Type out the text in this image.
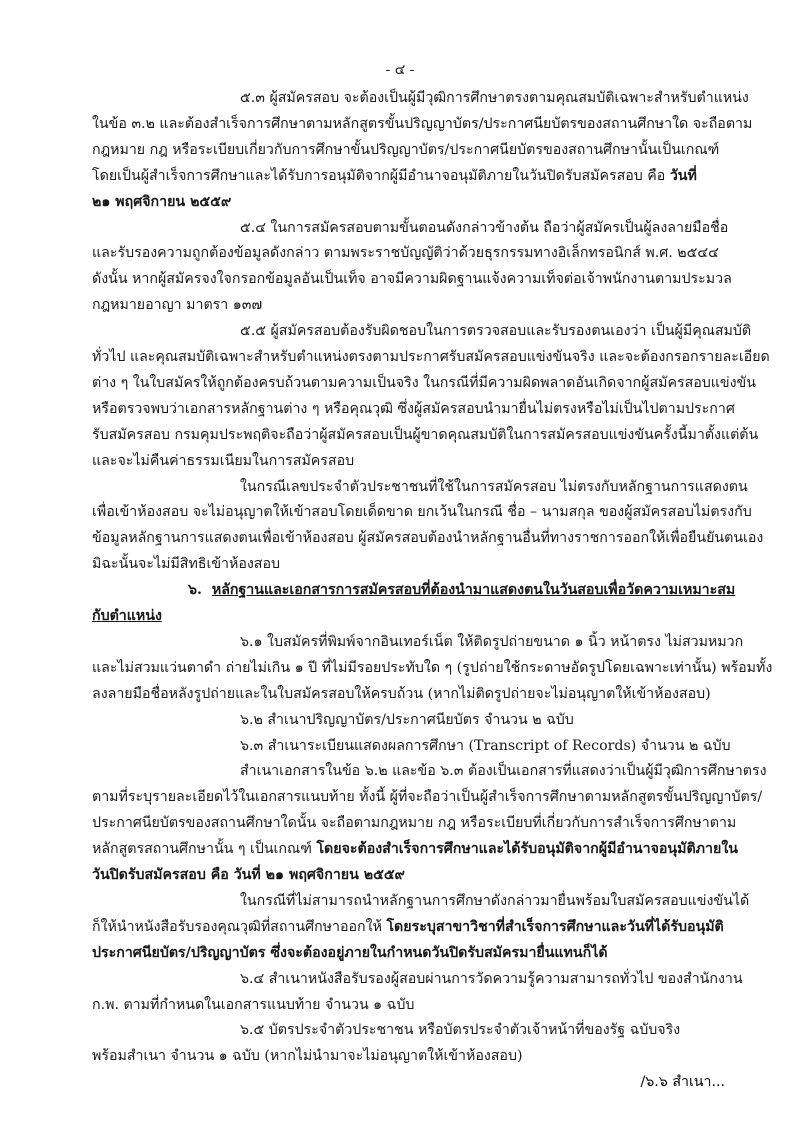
- ๔ -
๕.๓ ผู้สมัครสอบ จะต้องเป็นผู้มีวุฒิการศึกษาตรงตามคุณสมบัติเฉพาะสำหรับตำแหน่ง
ในข้อ ๓.๒ และต้องสำเร็จการศึกษาตามหลักสูตรขั้นปริญญาบัตร/ประกาศนียบัตรของสถานศึกษาใด จะถือตาม
กฎหมาย กฎ หรือระเบียบเกี่ยวกับการศึกษาขั้นปริญญาบัตร/ประกาศนียบัตรของสถานศึกษานั้นเป็นเกณฑ์
โดยเป็นผู้สำเร็จการศึกษาและได้รับการอนุมัติจากผู้มีอำนาจอนุมัติภายในวันปิดรับสมัครสอบ คือ วันที่
๒๑ พฤศจิกายน ๒๕๕๙
๕.๔ ในการสมัครสอบตามขั้นตอนดังกล่าวข้างต้น ถือว่าผู้สมัครเป็นผู้ลงลายมือชื่อ
และรับรองความถูกต้องข้อมูลดังกล่าว ตามพระราชบัญญัติว่าด้วยธุรกรรมทางอิเล็กทรอนิกส์ พ.ศ. ๒๕๔๔
ดังนั้น หากผู้สมัครจงใจกรอกข้อมูลอันเป็นเท็จ อาจมีความผิดฐานแจ้งความเท็จต่อเจ้าพนักงานตามประมวล
กฎหมายอาญา มาตรา ๑๓๗
๕.๕ ผู้สมัครสอบต้องรับผิดชอบในการตรวจสอบและรับรองตนเองว่า เป็นผู้มีคุณสมบัติ
ทั่วไป และคุณสมบัติเฉพาะสำหรับตำแหน่งตรงตามประกาศรับสมัครสอบแข่งขันจริง และจะต้องกรอกรายละเอียด
ต่าง ๆ ในใบสมัครให้ถูกต้องครบถ้วนตามความเป็นจริง ในกรณีที่มีความผิดพลาดอันเกิดจากผู้สมัครสอบแข่งขัน
หรือตรวจพบว่าเอกสารหลักฐานต่าง ๆ หรือคุณวุฒิ ซึ่งผู้สมัครสอบนำมายื่นไม่ตรงหรือไม่เป็นไปตามประกาศ
รับสมัครสอบ กรมคุมประพฤติจะถือว่าผู้สมัครสอบเป็นผู้ขาดคุณสมบัติในการสมัครสอบแข่งขันครั้งนี้มาตั้งแต่ต้น
และจะไม่คืนค่าธรรมเนียมในการสมัครสอบ
ในกรณีเลขประจำตัวประชาชนที่ใช้ในการสมัครสอบ ไม่ตรงกับหลักฐานการแสดงตน
เพื่อเข้าห้องสอบ จะไม่อนุญาตให้เข้าสอบโดยเด็ดขาด ยกเว้นในกรณี ชื่อ – นามสกุล ของผู้สมัครสอบไม่ตรงกับ
ข้อมูลหลักฐานการแสดงตนเพื่อเข้าห้องสอบ ผู้สมัครสอบต้องนำหลักฐานอื่นที่ทางราชการออกให้เพื่อยืนยันตนเอง
มิฉะนั้นจะไม่มีสิทธิเข้าห้องสอบ
๖. หลักฐานและเอกสารการสมัครสอบที่ต้องนำมาแสดงตนในวันสอบเพื่อวัดความเหมาะสม
กับตำแหน่ง
๖.๑ ใบสมัครที่พิมพ์จากอินเทอร์เน็ต ให้ติดรูปถ่ายขนาด ๑ นิ้ว หน้าตรง ไม่สวมหมวก
และไม่สวมแว่นตาดำ ถ่ายไม่เกิน ๑ ปี ที่ไม่มีรอยประทับใด ๆ (รูปถ่ายใช้กระดาษอัดรูปโดยเฉพาะเท่านั้น) พร้อมทั้ง
ลงลายมือชื่อหลังรูปถ่ายและในใบสมัครสอบให้ครบถ้วน (หากไม่ติดรูปถ่ายจะไม่อนุญาตให้เข้าห้องสอบ)
๖.๒ สำเนาปริญญาบัตร/ประกาศนียบัตร จำนวน ๒ ฉบับ
๖.๓ สำเนาระเบียนแสดงผลการศึกษา (Transcript of Records) จำนวน ๒ ฉบับ
สำเนาเอกสารในข้อ ๖.๒ และข้อ ๖.๓ ต้องเป็นเอกสารที่แสดงว่าเป็นผู้มีวุฒิการศึกษาตรง
ตามที่ระบุรายละเอียดไว้ในเอกสารแนบท้าย ทั้งนี้ ผู้ที่จะถือว่าเป็นผู้สำเร็จการศึกษาตามหลักสูตรขั้นปริญญาบัตร/
ประกาศนียบัตรของสถานศึกษาใดนั้น จะถือตามกฎหมาย กฎ หรือระเบียบที่เกี่ยวกับการสำเร็จการศึกษาตาม
หลักสูตรสถานศึกษานั้น ๆ เป็นเกณฑ์ โดยจะต้องสำเร็จการศึกษาและได้รับอนุมัติจากผู้มีอำนาจอนุมัติภายใน
วันปิดรับสมัครสอบ คือ วันที่ ๒๑ พฤศจิกายน ๒๕๕๙
ในกรณีที่ไม่สามารถนำหลักฐานการศึกษาดังกล่าวมายื่นพร้อมใบสมัครสอบแข่งขันได้
ก็ให้นำหนังสือรับรองคุณวุฒิที่สถานศึกษาออกให้ โดยระบุสาขาวิชาที่สำเร็จการศึกษาและวันที่ได้รับอนุมัติ
ประกาศนียบัตร/ปริญญาบัตร ซึ่งจะต้องอยู่ภายในกำหนดวันปิดรับสมัครมายื่นแทนก็ได้
๖.๔ สำเนาหนังสือรับรองผู้สอบผ่านการวัดความรู้ความสามารถทั่วไป ของสำนักงาน
ก.พ. ตามที่กำหนดในเอกสารแนบท้าย จำนวน ๑ ฉบับ
๖.๕ บัตรประจำตัวประชาชน หรือบัตรประจำตัวเจ้าหน้าที่ของรัฐ ฉบับจริง
พร้อมสำเนา จำนวน ๑ ฉบับ (หากไม่นำมาจะไม่อนุญาตให้เข้าห้องสอบ)
/๖.๖ สำเนา...
